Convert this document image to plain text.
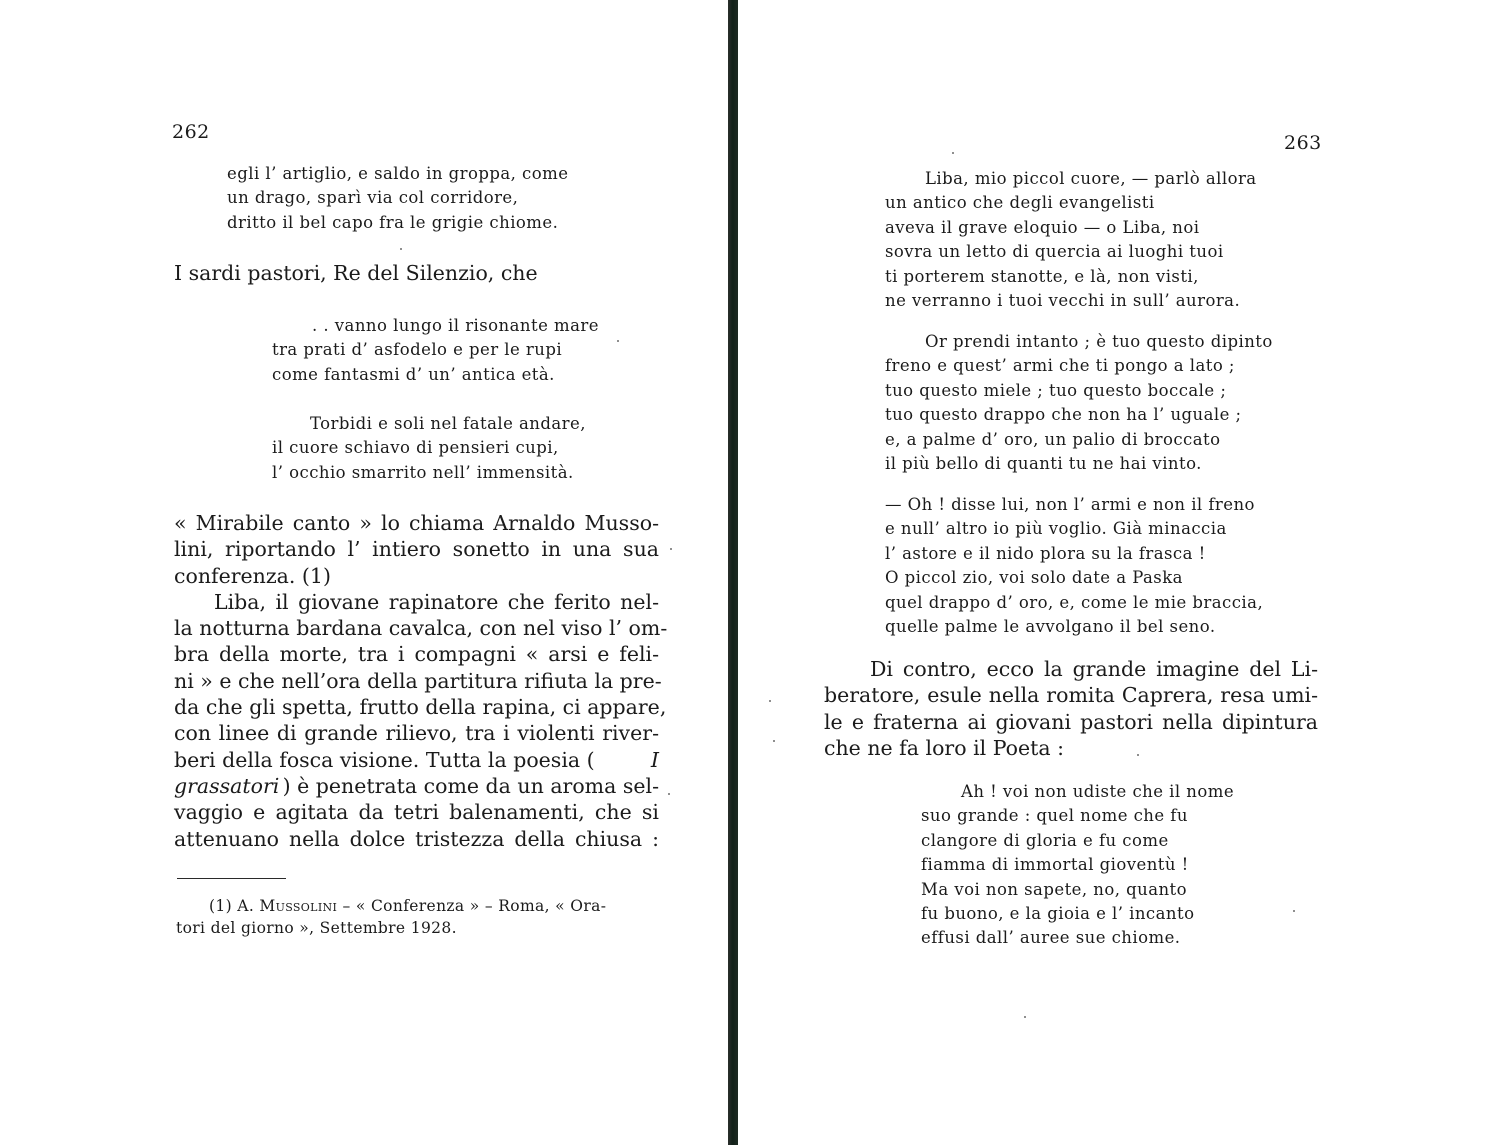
262
egli l’ artiglio, e saldo in groppa, come
un drago, sparì via col corridore,
dritto il bel capo fra le grigie chiome.
I sardi pastori, Re del Silenzio, che
. . vanno lungo il risonante mare
tra prati d’ asfodelo e per le rupi
come fantasmi d’ un’ antica età.
Torbidi e soli nel fatale andare,
il cuore schiavo di pensieri cupi,
l’ occhio smarrito nell’ immensità.
« Mirabile canto » lo chiama Arnaldo Musso-
lini, riportando l’ intiero sonetto in una sua
conferenza. (1)
Liba, il giovane rapinatore che ferito nel-
la notturna bardana cavalca, con nel viso l’ om-
bra della morte, tra i compagni « arsi e feli-
ni » e che nell’ora della partitura rifiuta la pre-
da che gli spetta, frutto della rapina, ci appare,
con linee di grande rilievo, tra i violenti river-
beri della fosca visione. Tutta la poesia (	I
grassatori ) è penetrata come da un aroma sel-
vaggio e agitata da tetri balenamenti, che si
attenuano nella dolce tristezza della chiusa :
(1) A. Mussolini – « Conferenza » – Roma, « Ora-
tori del giorno », Settembre 1928.
263
Liba, mio piccol cuore, — parlò allora
un antico che degli evangelisti
aveva il grave eloquio — o Liba, noi
sovra un letto di quercia ai luoghi tuoi
ti porterem stanotte, e là, non visti,
ne verranno i tuoi vecchi in sull’ aurora.
Or prendi intanto ; è tuo questo dipinto
freno e quest’ armi che ti pongo a lato ;
tuo questo miele ; tuo questo boccale ;
tuo questo drappo che non ha l’ uguale ;
e, a palme d’ oro, un palio di broccato
il più bello di quanti tu ne hai vinto.
— Oh ! disse lui, non l’ armi e non il freno
e null’ altro io più voglio. Già minaccia
l’ astore e il nido plora su la frasca !
O piccol zio, voi solo date a Paska
quel drappo d’ oro, e, come le mie braccia,
quelle palme le avvolgano il bel seno.
Di contro, ecco la grande imagine del Li-
beratore, esule nella romita Caprera, resa umi-
le e fraterna ai giovani pastori nella dipintura
che ne fa loro il Poeta :
Ah ! voi non udiste che il nome
suo grande : quel nome che fu
clangore di gloria e fu come
fiamma di immortal gioventù !
Ma voi non sapete, no, quanto
fu buono, e la gioia e l’ incanto
effusi dall’ auree sue chiome.
